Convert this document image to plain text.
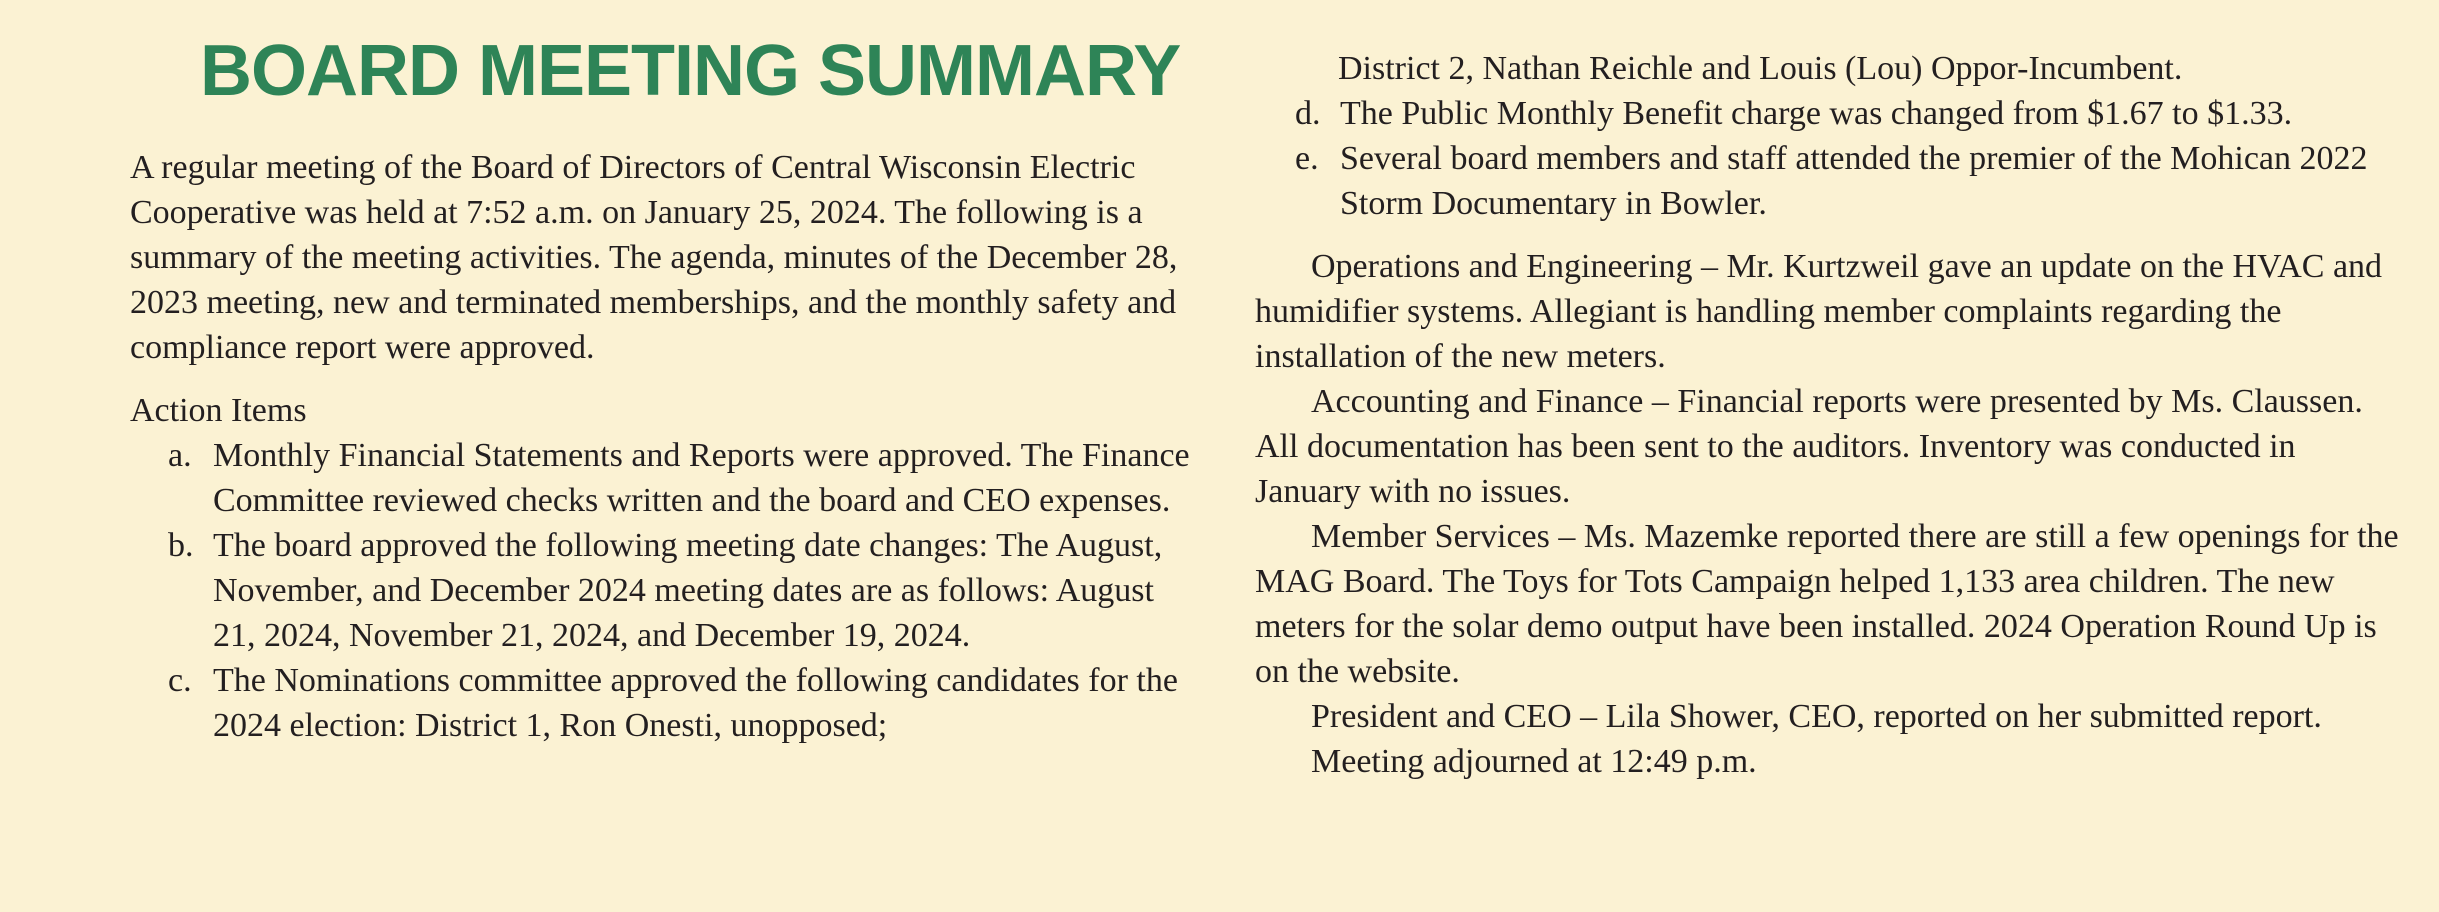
BOARD MEETING SUMMARY

A regular meeting of the Board of Directors of Central Wisconsin Electric Cooperative was held at 7:52 a.m. on January 25, 2024. The following is a summary of the meeting activities. The agenda, minutes of the December 28, 2023 meeting, new and terminated memberships, and the monthly safety and compliance report were approved.

Action Items

a. Monthly Financial Statements and Reports were approved. The Finance Committee reviewed checks written and the board and CEO expenses.
b. The board approved the following meeting date changes: The August, November, and December 2024 meeting dates are as follows: August 21, 2024, November 21, 2024, and December 19, 2024.
c. The Nominations committee approved the following candidates for the 2024 election: District 1, Ron Onesti, unopposed;

District 2, Nathan Reichle and Louis (Lou) Oppor-Incumbent.

d. The Public Monthly Benefit charge was changed from $1.67 to $1.33.
e. Several board members and staff attended the premier of the Mohican 2022 Storm Documentary in Bowler.

Operations and Engineering – Mr. Kurtzweil gave an update on the HVAC and humidifier systems. Allegiant is handling member complaints regarding the installation of the new meters.

Accounting and Finance – Financial reports were presented by Ms. Claussen. All documentation has been sent to the auditors. Inventory was conducted in January with no issues.

Member Services – Ms. Mazemke reported there are still a few openings for the MAG Board. The Toys for Tots Campaign helped 1,133 area children. The new meters for the solar demo output have been installed. 2024 Operation Round Up is on the website.

President and CEO – Lila Shower, CEO, reported on her submitted report.

Meeting adjourned at 12:49 p.m.
